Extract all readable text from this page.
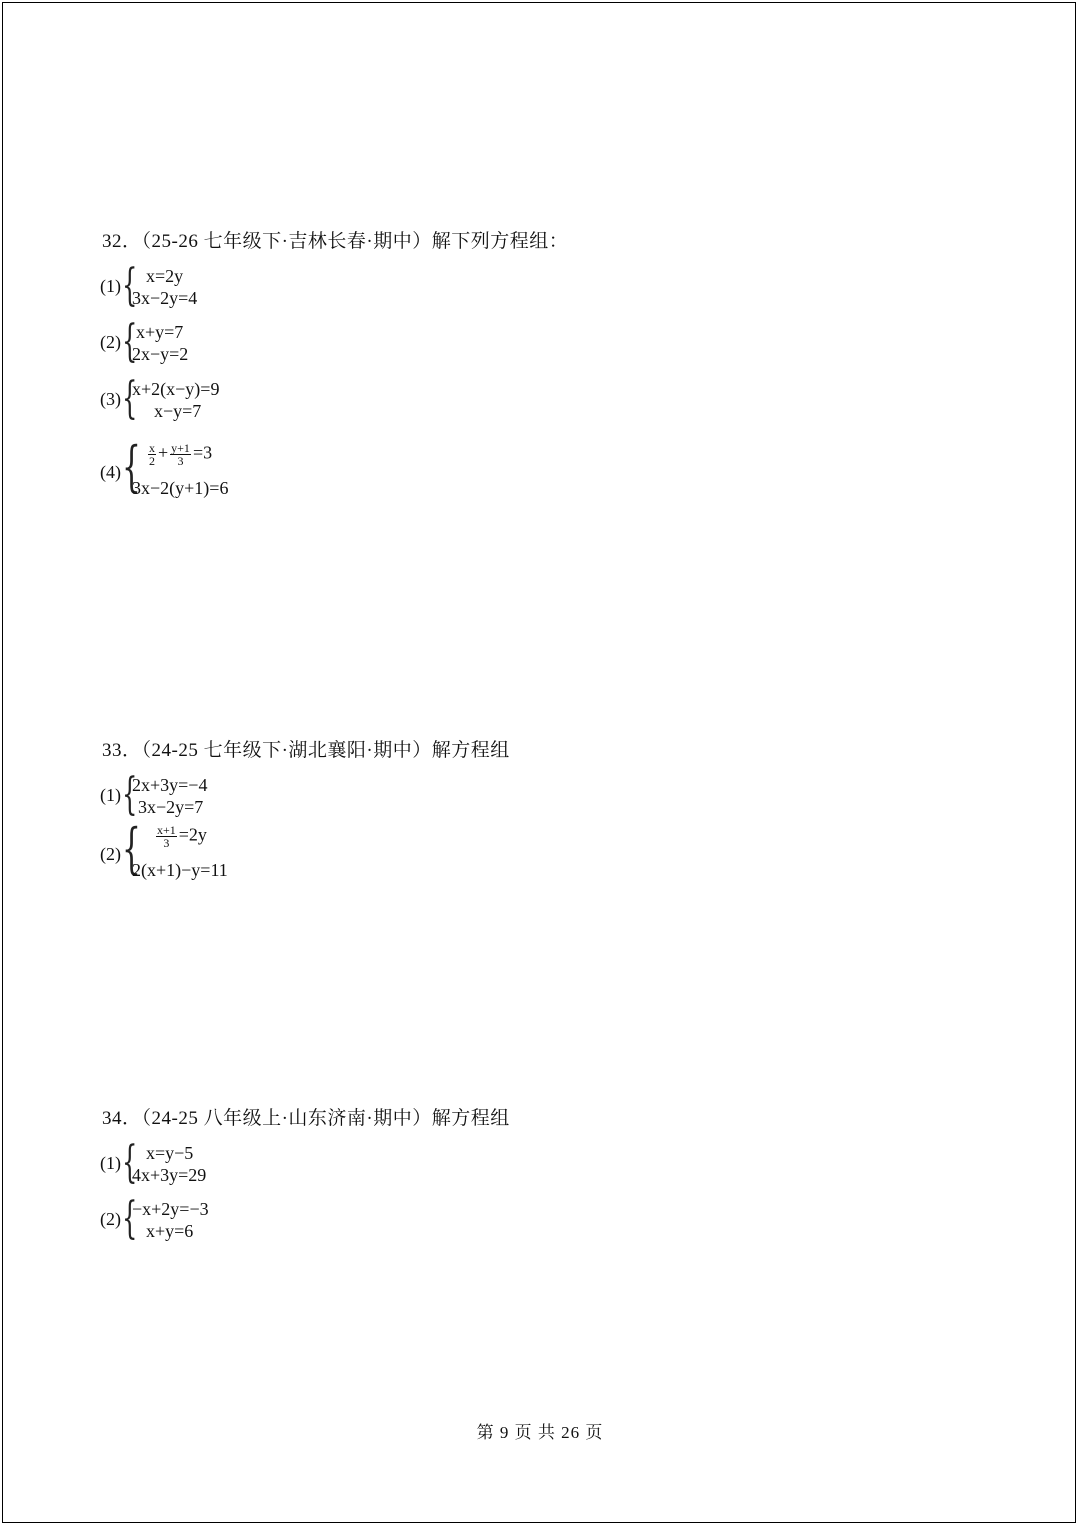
32．（25-26 七年级下·吉林长春·期中）解下列方程组：
(1) { x=2y
3x−2y=4
(2) {
x+y=7
2x−y=2
(3) {
x+2(x−y)=9
x−y=7
(4) { $\frac{x}{2} + \frac{y+1}{3} =3$
3x−2(y+1)=6
33．（24-25 七年级下·湖北襄阳·期中）解方程组
(1) {
2x+3y=−4
3x−2y=7
(2) { $\frac{x+1}{3} =2y$
2(x+1)−y=11
34．（24-25 八年级上·山东济南·期中）解方程组
(1) { x=y−5
4x+3y=29
(2) {
−x+2y=−3
x+y=6
第 9 页 共 26 页
